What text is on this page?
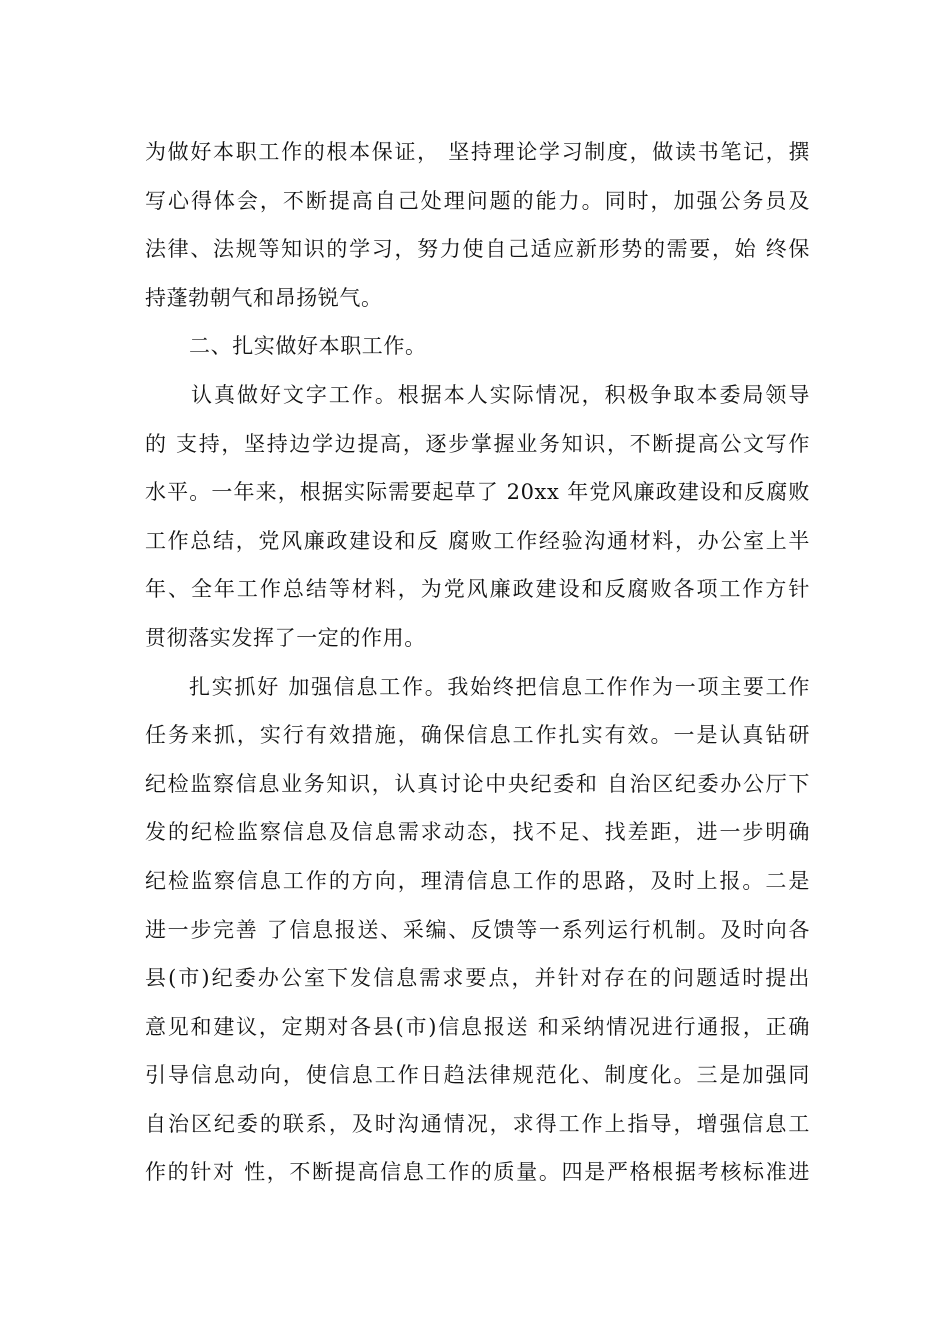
为做好本职工作的根本保证， 坚持理论学习制度，做读书笔记，撰
写心得体会，不断提高自己处理问题的能力。同时，加强公务员及
法律、法规等知识的学习，努力使自己适应新形势的需要，始 终保
持蓬勃朝气和昂扬锐气。
二、扎实做好本职工作。
认真做好文字工作。根据本人实际情况，积极争取本委局领导
的 支持，坚持边学边提高，逐步掌握业务知识，不断提高公文写作
水平。一年来，根据实际需要起草了 20xx 年党风廉政建设和反腐败
工作总结，党风廉政建设和反 腐败工作经验沟通材料，办公室上半
年、全年工作总结等材料，为党风廉政建设和反腐败各项工作方针
贯彻落实发挥了一定的作用。
扎实抓好 加强信息工作。我始终把信息工作作为一项主要工作
任务来抓，实行有效措施，确保信息工作扎实有效。一是认真钻研
纪检监察信息业务知识，认真讨论中央纪委和 自治区纪委办公厅下
发的纪检监察信息及信息需求动态，找不足、找差距，进一步明确
纪检监察信息工作的方向，理清信息工作的思路，及时上报。二是
进一步完善 了信息报送、采编、反馈等一系列运行机制。及时向各
县(市)纪委办公室下发信息需求要点，并针对存在的问题适时提出
意见和建议，定期对各县(市)信息报送 和采纳情况进行通报，正确
引导信息动向，使信息工作日趋法律规范化、制度化。三是加强同
自治区纪委的联系，及时沟通情况，求得工作上指导，增强信息工
作的针对 性，不断提高信息工作的质量。四是严格根据考核标准进
